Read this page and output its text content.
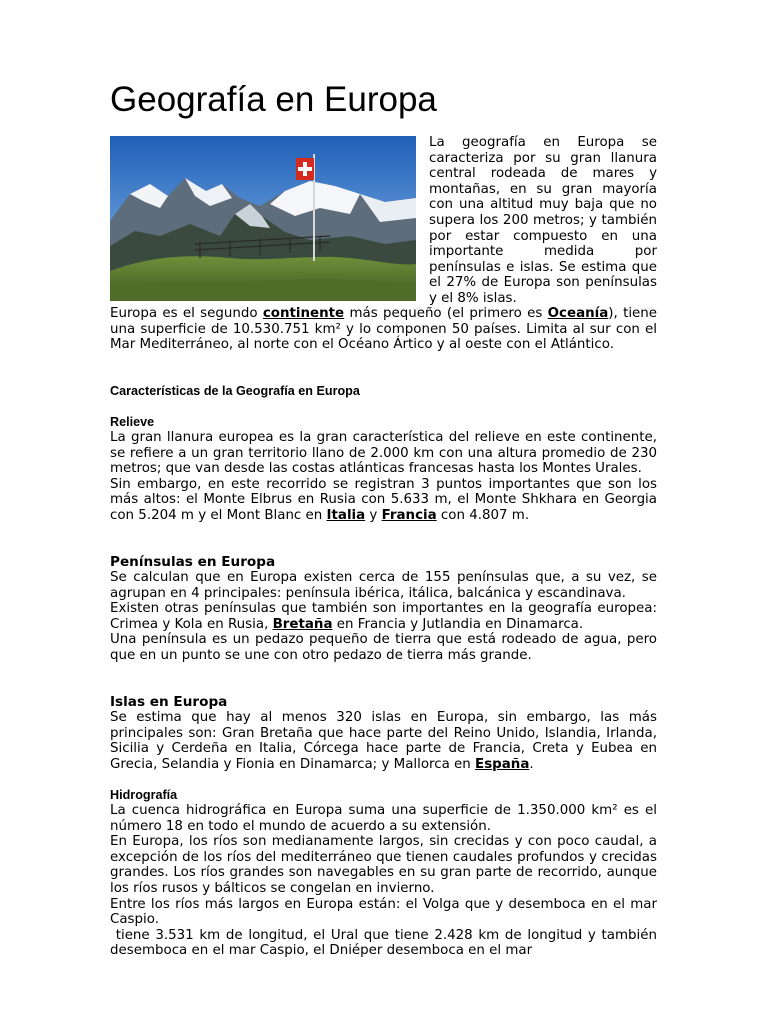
Geografía en Europa

La geografía en Europa se caracteriza por su gran llanura central rodeada de mares y montañas, en su gran mayoría con una altitud muy baja que no supera los 200 metros; y también por estar compuesto en una importante medida por penínsulas e islas. Se estima que el 27% de Europa son penínsulas y el 8% islas.

Europa es el segundo continente más pequeño (el primero es Oceanía), tiene una superficie de 10.530.751 km² y lo componen 50 países. Limita al sur con el Mar Mediterráneo, al norte con el Océano Ártico y al oeste con el Atlántico.

Características de la Geografía en Europa

Relieve

La gran llanura europea es la gran característica del relieve en este continente, se refiere a un gran territorio llano de 2.000 km con una altura promedio de 230 metros; que van desde las costas atlánticas francesas hasta los Montes Urales.

Sin embargo, en este recorrido se registran 3 puntos importantes que son los más altos: el Monte Elbrus en Rusia con 5.633 m, el Monte Shkhara en Georgia con 5.204 m y el Mont Blanc en Italia y Francia con 4.807 m.

Penínsulas en Europa

Se calculan que en Europa existen cerca de 155 penínsulas que, a su vez, se agrupan en 4 principales: península ibérica, itálica, balcánica y escandinava.

Existen otras penínsulas que también son importantes en la geografía europea: Crimea y Kola en Rusia, Bretaña en Francia y Jutlandia en Dinamarca.

Una península es un pedazo pequeño de tierra que está rodeado de agua, pero que en un punto se une con otro pedazo de tierra más grande.

Islas en Europa

Se estima que hay al menos 320 islas en Europa, sin embargo, las más principales son: Gran Bretaña que hace parte del Reino Unido, Islandia, Irlanda, Sicilia y Cerdeña en Italia, Córcega hace parte de Francia, Creta y Eubea en Grecia, Selandia y Fionia en Dinamarca; y Mallorca en España.

Hidrografía

La cuenca hidrográfica en Europa suma una superficie de 1.350.000 km² es el número 18 en todo el mundo de acuerdo a su extensión.

En Europa, los ríos son medianamente largos, sin crecidas y con poco caudal, a excepción de los ríos del mediterráneo que tienen caudales profundos y crecidas grandes. Los ríos grandes son navegables en su gran parte de recorrido, aunque los ríos rusos y bálticos se congelan en invierno.

Entre los ríos más largos en Europa están: el Volga que y desemboca en el mar Caspio.

tiene 3.531 km de longitud, el Ural que tiene 2.428 km de longitud y también desemboca en el mar Caspio, el Dniéper desemboca en el mar
